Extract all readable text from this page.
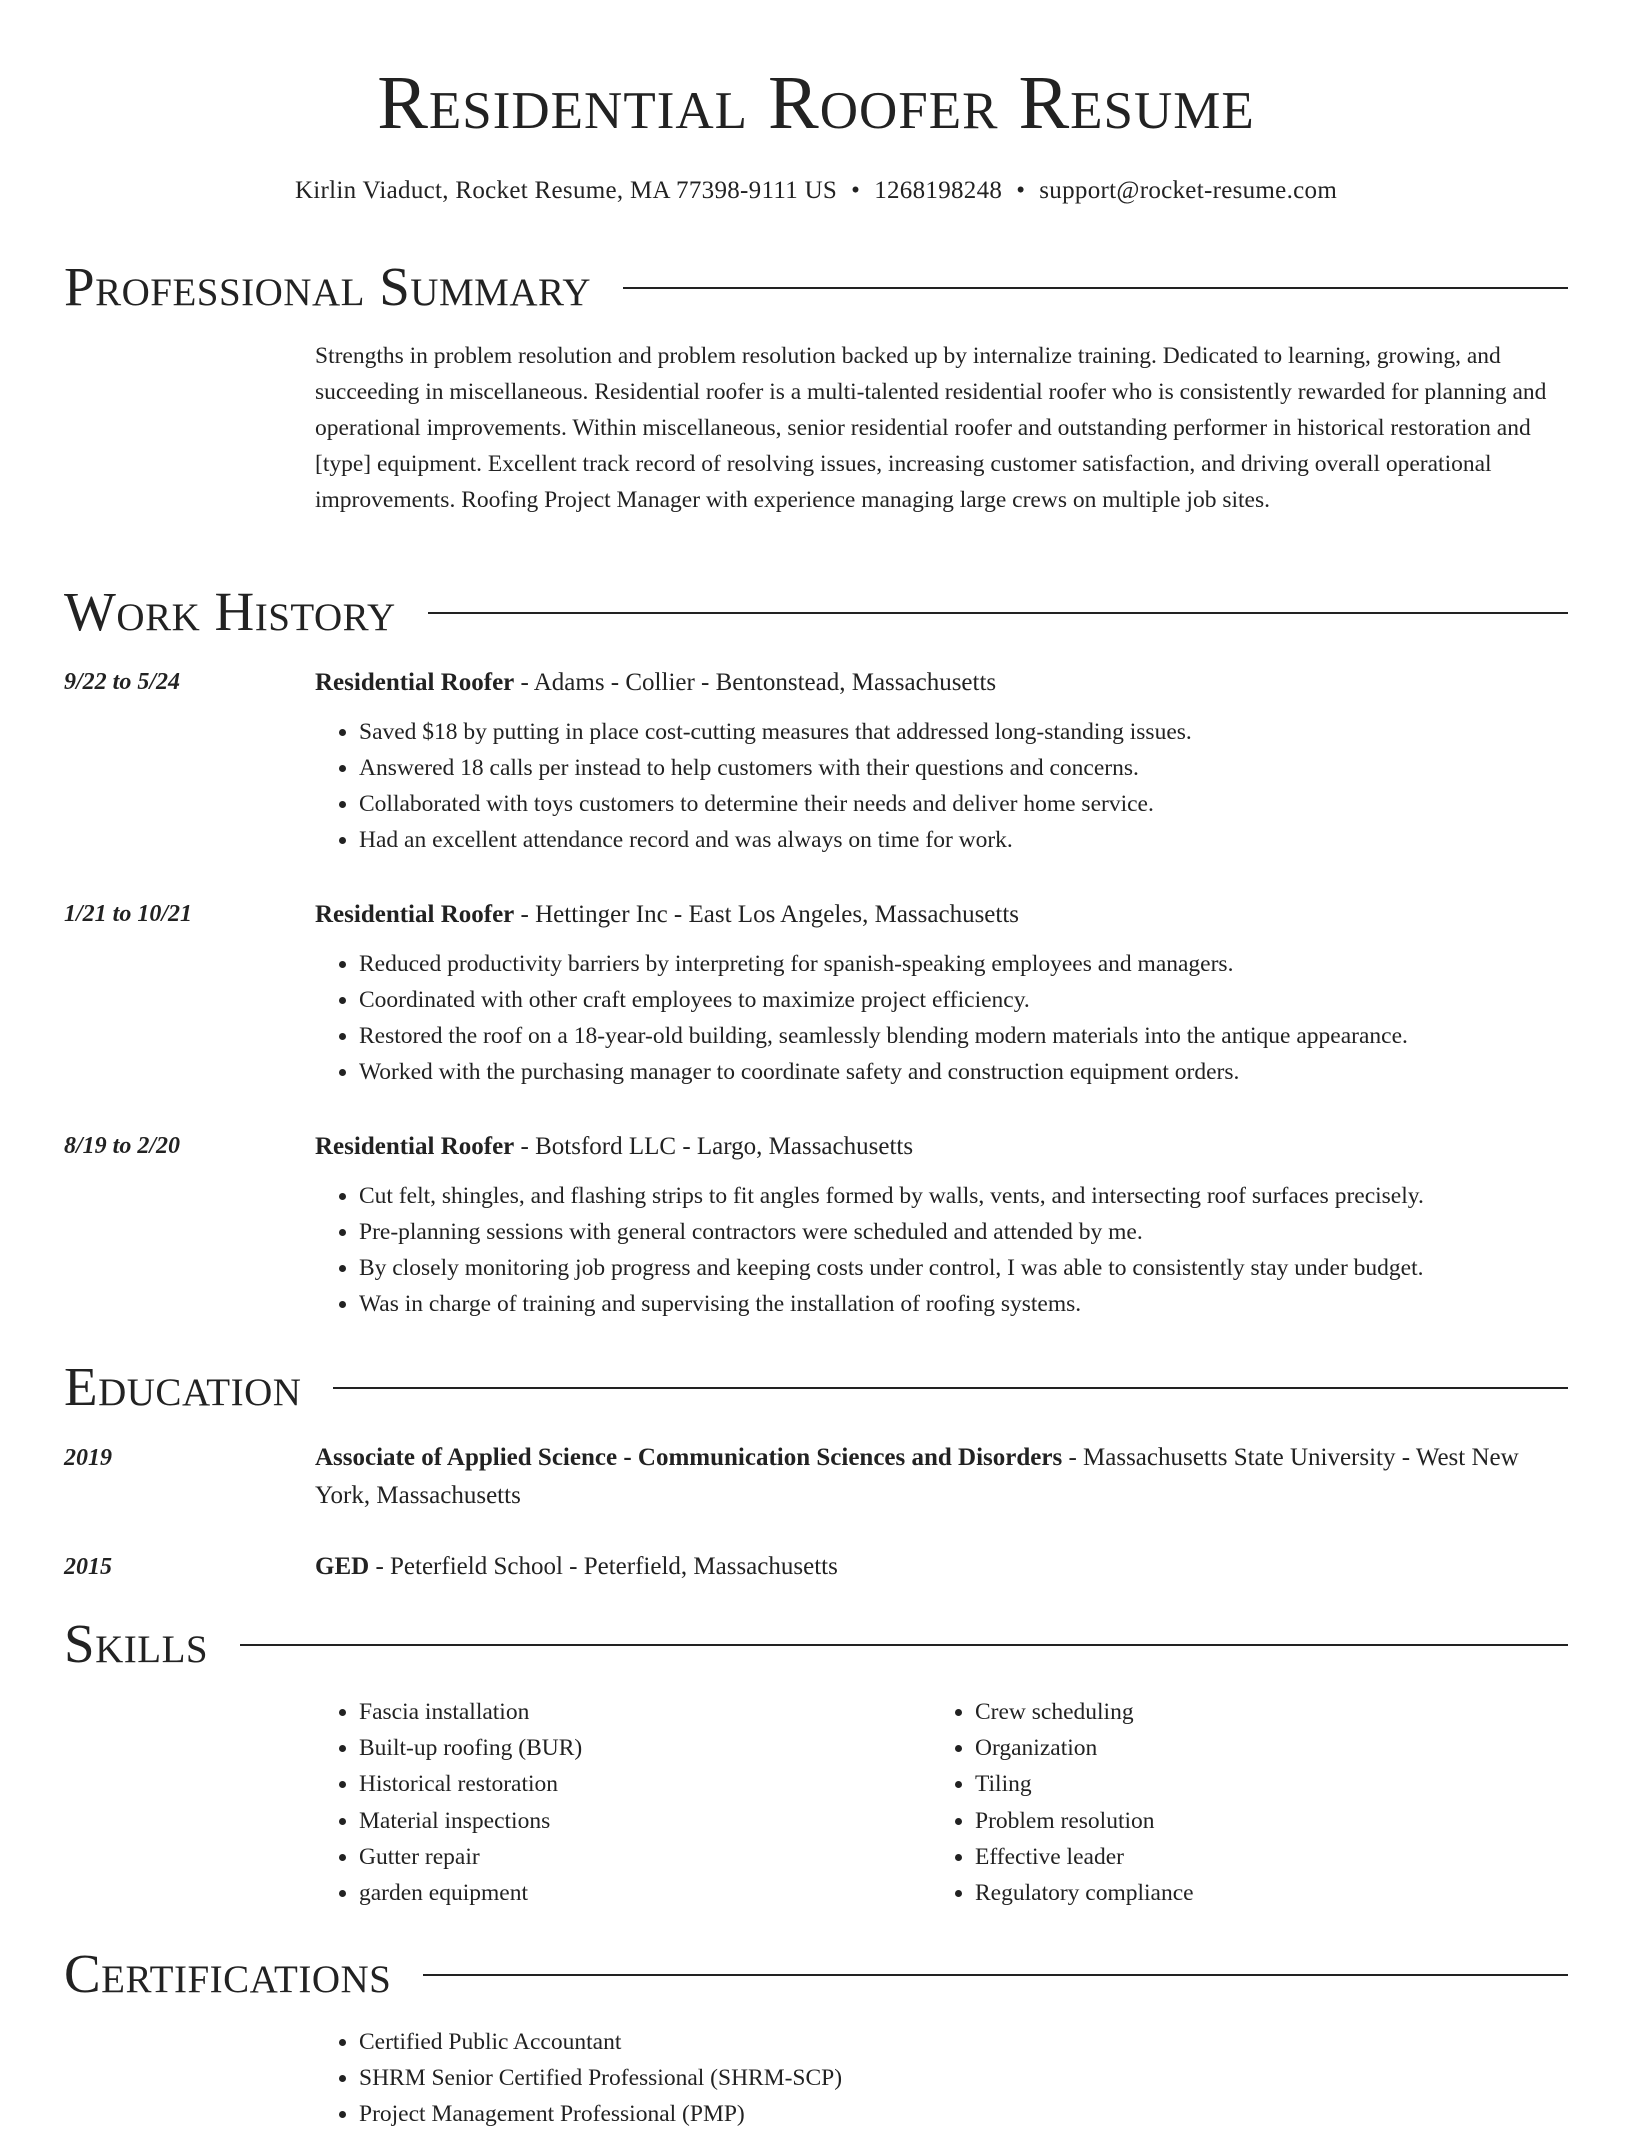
Residential Roofer Resume
Kirlin Viaduct, Rocket Resume, MA 77398-9111 US • 1268198248 • support@rocket-resume.com
Professional Summary
Strengths in problem resolution and problem resolution backed up by internalize training. Dedicated to learning, growing, and succeeding in miscellaneous. Residential roofer is a multi-talented residential roofer who is consistently rewarded for planning and operational improvements. Within miscellaneous, senior residential roofer and outstanding performer in historical restoration and [type] equipment. Excellent track record of resolving issues, increasing customer satisfaction, and driving overall operational improvements. Roofing Project Manager with experience managing large crews on multiple job sites.
Work History
9/22 to 5/24	Residential Roofer - Adams - Collier - Bentonstead, Massachusetts
• Saved $18 by putting in place cost-cutting measures that addressed long-standing issues.
• Answered 18 calls per instead to help customers with their questions and concerns.
• Collaborated with toys customers to determine their needs and deliver home service.
• Had an excellent attendance record and was always on time for work.
1/21 to 10/21	Residential Roofer - Hettinger Inc - East Los Angeles, Massachusetts
• Reduced productivity barriers by interpreting for spanish-speaking employees and managers.
• Coordinated with other craft employees to maximize project efficiency.
• Restored the roof on a 18-year-old building, seamlessly blending modern materials into the antique appearance.
• Worked with the purchasing manager to coordinate safety and construction equipment orders.
8/19 to 2/20	Residential Roofer - Botsford LLC - Largo, Massachusetts
• Cut felt, shingles, and flashing strips to fit angles formed by walls, vents, and intersecting roof surfaces precisely.
• Pre-planning sessions with general contractors were scheduled and attended by me.
• By closely monitoring job progress and keeping costs under control, I was able to consistently stay under budget.
• Was in charge of training and supervising the installation of roofing systems.
Education
2019	Associate of Applied Science - Communication Sciences and Disorders - Massachusetts State University - West New York, Massachusetts
2015	GED - Peterfield School - Peterfield, Massachusetts
Skills
• Fascia installation
• Built-up roofing (BUR)
• Historical restoration
• Material inspections
• Gutter repair
• garden equipment
• Crew scheduling
• Organization
• Tiling
• Problem resolution
• Effective leader
• Regulatory compliance
Certifications
• Certified Public Accountant
• SHRM Senior Certified Professional (SHRM-SCP)
• Project Management Professional (PMP)
